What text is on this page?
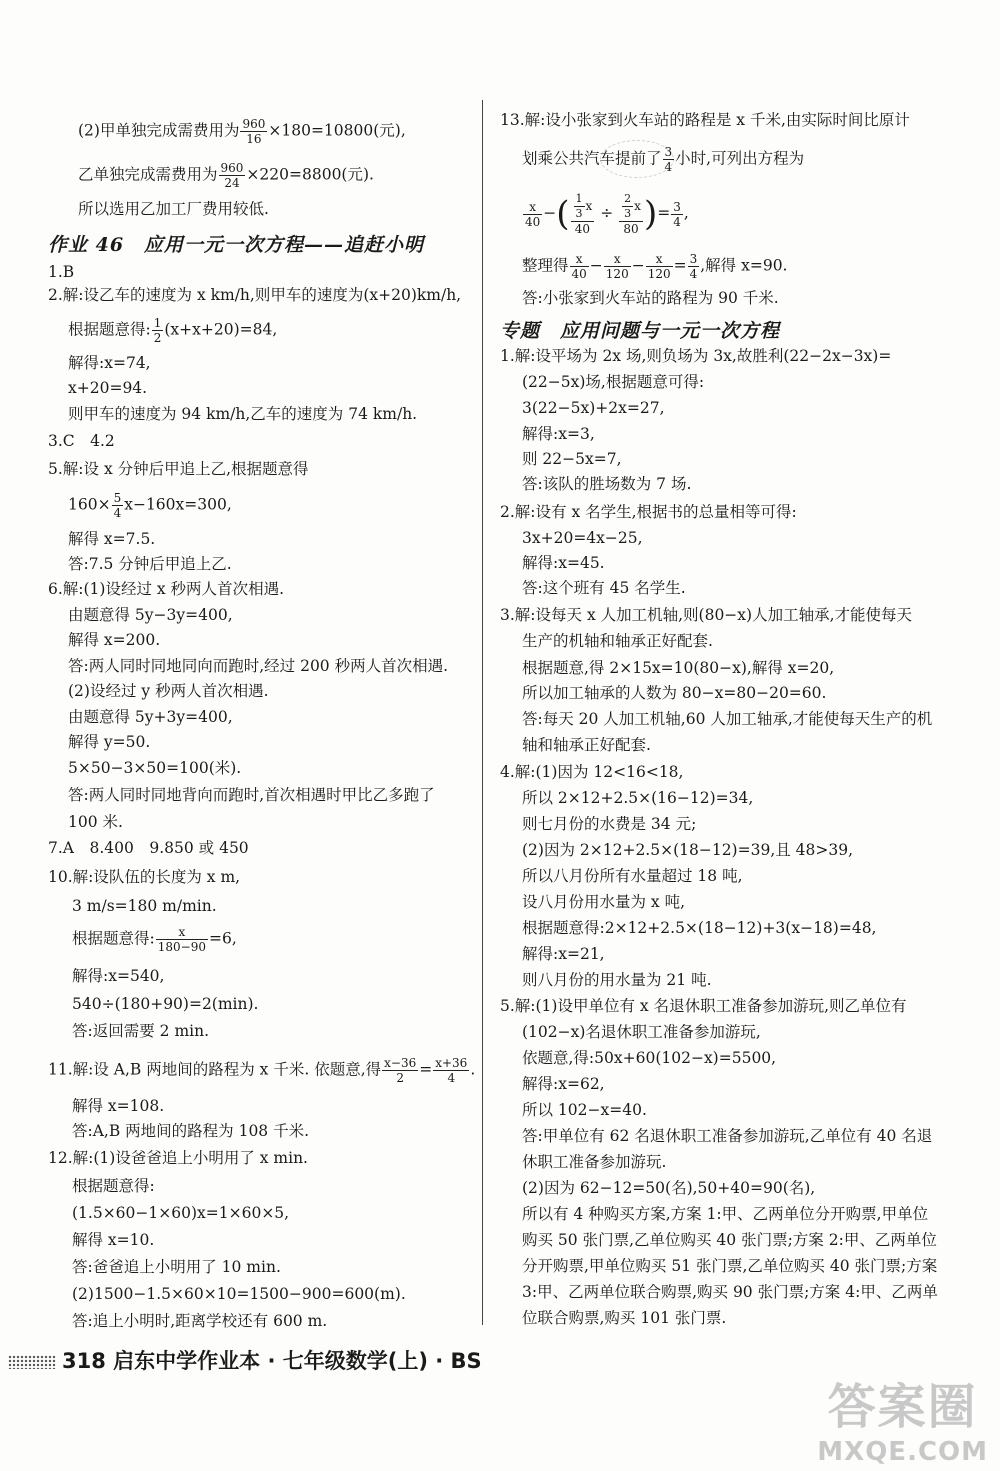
(2)甲单独完成需费用为 $\frac{960}{16} \times 180=10800$(元),
乙单独完成需费用为 $\frac{960}{24} \times 220=8800$(元).
所以选用乙加工厂费用较低.
作业 46　应用一元一次方程——追赶小明
1.B
2.解:设乙车的速度为 x km/h,则甲车的速度为(x+20)km/h,
根据题意得: $\frac{1}{2} (x+x+20)=84$,
解得:x=74,
x+20=94.
则甲车的速度为 94 km/h,乙车的速度为 74 km/h.
3.C　4.2
5.解:设 x 分钟后甲追上乙,根据题意得
$160\times \frac{5}{4} x-160x=300$,
解得 x=7.5.
答:7.5 分钟后甲追上乙.
6.解:(1)设经过 x 秒两人首次相遇.
由题意得 5y−3y=400,
解得 x=200.
答:两人同时同地同向而跑时,经过 200 秒两人首次相遇.
(2)设经过 y 秒两人首次相遇.
由题意得 5y+3y=400,
解得 y=50.
5×50−3×50=100(米).
答:两人同时同地背向而跑时,首次相遇时甲比乙多跑了
100 米.
7.A　8.400　9.850 或 450
10.解:设队伍的长度为 x m,
3 m/s=180 m/min.
根据题意得: $\frac{x}{180-90} =6$,
解得:x=540,
540÷(180+90)=2(min).
答:返回需要 2 min.
11.解:设 A,B 两地间的路程为 x 千米. 依题意,得 $\frac{x-36}{2} = \frac{x+36}{4}$ .
解得 x=108.
答:A,B 两地间的路程为 108 千米.
12.解:(1)设爸爸追上小明用了 x min.
根据题意得:
(1.5×60−1×60)x=1×60×5,
解得 x=10.
答:爸爸追上小明用了 10 min.
(2)1500−1.5×60×10=1500−900=600(m).
答:追上小明时,距离学校还有 600 m.
13.解:设小张家到火车站的路程是 x 千米,由实际时间比原计
划乘公共汽车提前了 $\frac{3}{4}$ 小时,可列出方程为
$\frac{x}{40}$ −( $\frac{\frac{1}{3} x}{40} \div \frac{\frac{2}{3} x}{80}$ )= $\frac{3}{4}$ ,
整理得 $\frac{x}{40} - \frac{x}{120} - \frac{x}{120} = \frac{3}{4}$ ,解得 x=90.
答:小张家到火车站的路程为 90 千米.
专题　应用问题与一元一次方程
1.解:设平场为 2x 场,则负场为 3x,故胜利(22−2x−3x)=
(22−5x)场,根据题意可得:
3(22−5x)+2x=27,
解得:x=3,
则 22−5x=7,
答:该队的胜场数为 7 场.
2.解:设有 x 名学生,根据书的总量相等可得:
3x+20=4x−25,
解得:x=45.
答:这个班有 45 名学生.
3.解:设每天 x 人加工机轴,则(80−x)人加工轴承,才能使每天
生产的机轴和轴承正好配套.
根据题意,得 2×15x=10(80−x),解得 x=20,
所以加工轴承的人数为 80−x=80−20=60.
答:每天 20 人加工机轴,60 人加工轴承,才能使每天生产的机
轴和轴承正好配套.
4.解:(1)因为 12<16<18,
所以 2×12+2.5×(16−12)=34,
则七月份的水费是 34 元;
(2)因为 2×12+2.5×(18−12)=39,且 48>39,
所以八月份所有水量超过 18 吨,
设八月份用水量为 x 吨,
根据题意得:2×12+2.5×(18−12)+3(x−18)=48,
解得:x=21,
则八月份的用水量为 21 吨.
5.解:(1)设甲单位有 x 名退休职工准备参加游玩,则乙单位有
(102−x)名退休职工准备参加游玩,
依题意,得:50x+60(102−x)=5500,
解得:x=62,
所以 102−x=40.
答:甲单位有 62 名退休职工准备参加游玩,乙单位有 40 名退
休职工准备参加游玩.
(2)因为 62−12=50(名),50+40=90(名),
所以有 4 种购买方案,方案 1:甲、乙两单位分开购票,甲单位
购买 50 张门票,乙单位购买 40 张门票;方案 2:甲、乙两单位
分开购票,甲单位购买 51 张门票,乙单位购买 40 张门票;方案
3:甲、乙两单位联合购票,购买 90 张门票;方案 4:甲、乙两单
位联合购票,购买 101 张门票.
318 启东中学作业本 · 七年级数学(上) · BS
答案圈
MXQE.COM
